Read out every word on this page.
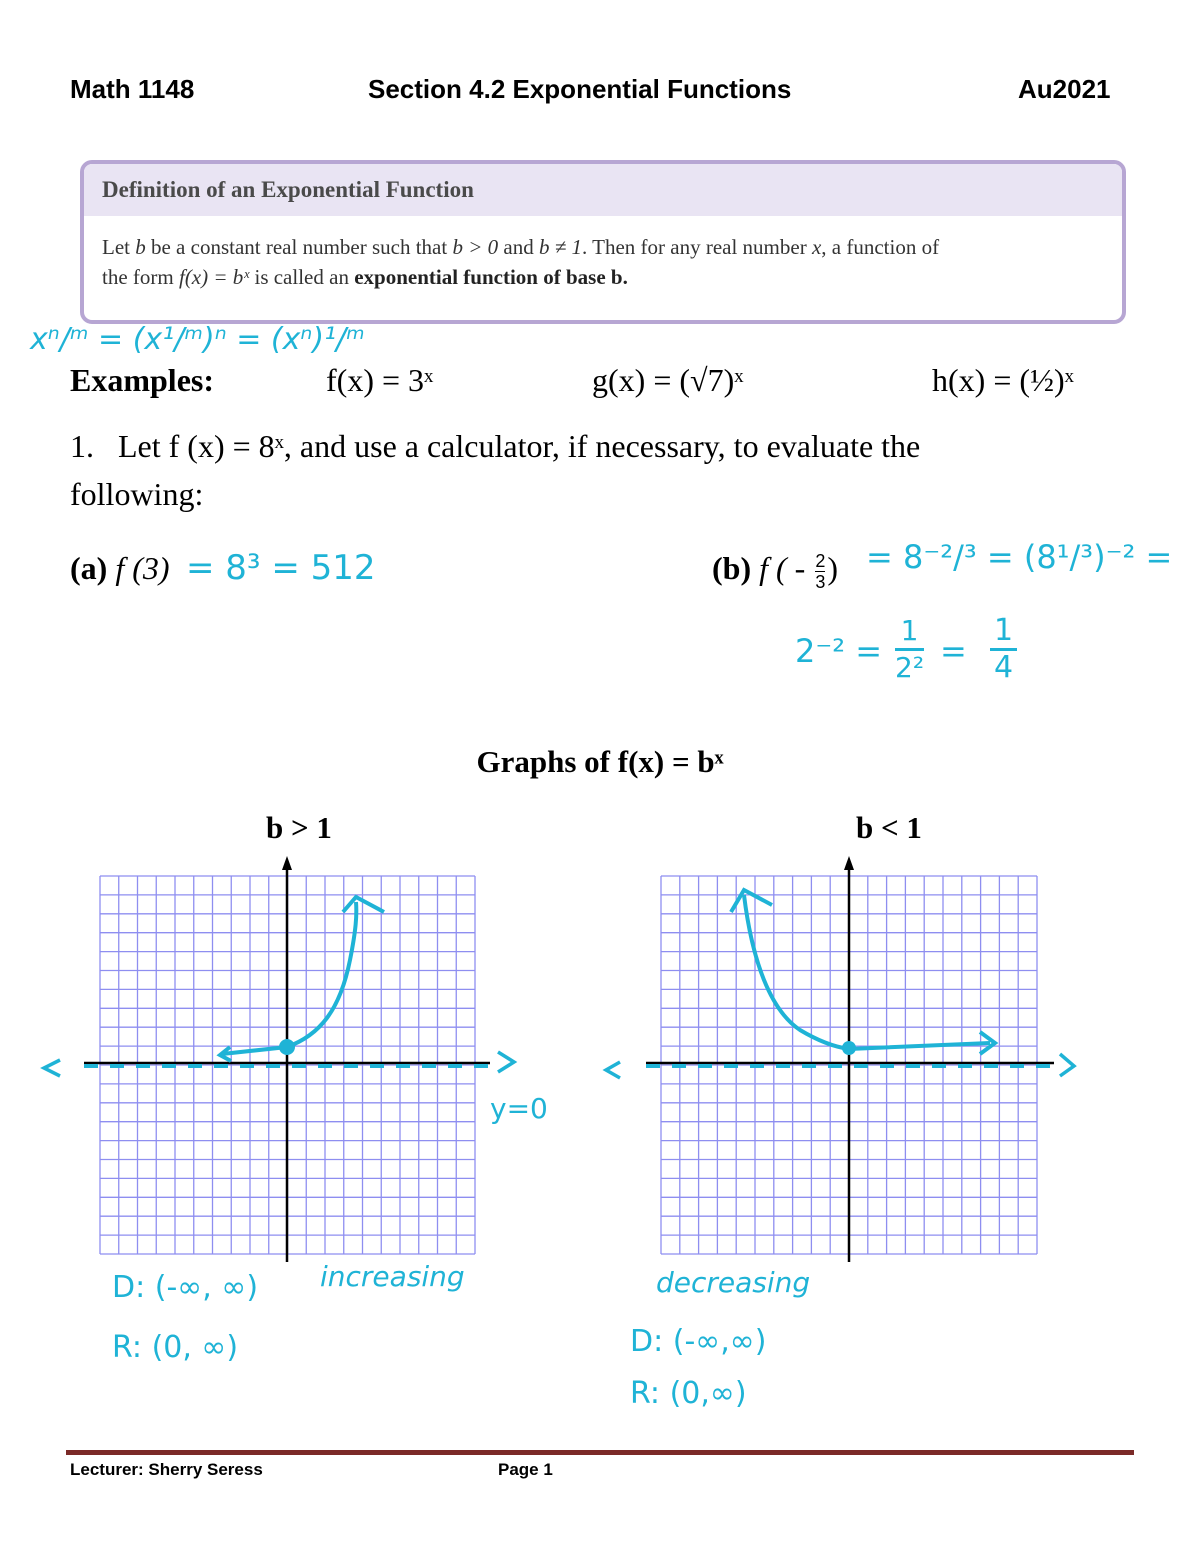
Math 1148	Section 4.2 Exponential Functions	Au2021
Definition of an Exponential Function
Let b be a constant real number such that b > 0 and b ≠ 1. Then for any real number x, a function of
the form f(x) = bˣ is called an exponential function of base b.
xⁿ/ᵐ = (x¹/ᵐ)ⁿ = (xⁿ)¹/ᵐ
Examples:	f(x) = 3ˣ	g(x) = (√7)ˣ	h(x) = (½)ˣ
1.   Let f (x) = 8ˣ, and use a calculator, if necessary, to evaluate the
following:
(a) f (3) = 8³ = 512	(b) f ( - $\frac{2}{3}$ ) = 8⁻²/³ = (8¹/³)⁻² =
$2^{-2} = \frac{1}{\text{2²}} = \frac{1}{4}$
Graphs of f(x) = bˣ
b > 1	b < 1
y=0
D: (-∞, ∞) increasing
R: (0, ∞)
decreasing
D: (-∞,∞)
R: (0,∞)
Lecturer: Sherry Seress	Page 1
